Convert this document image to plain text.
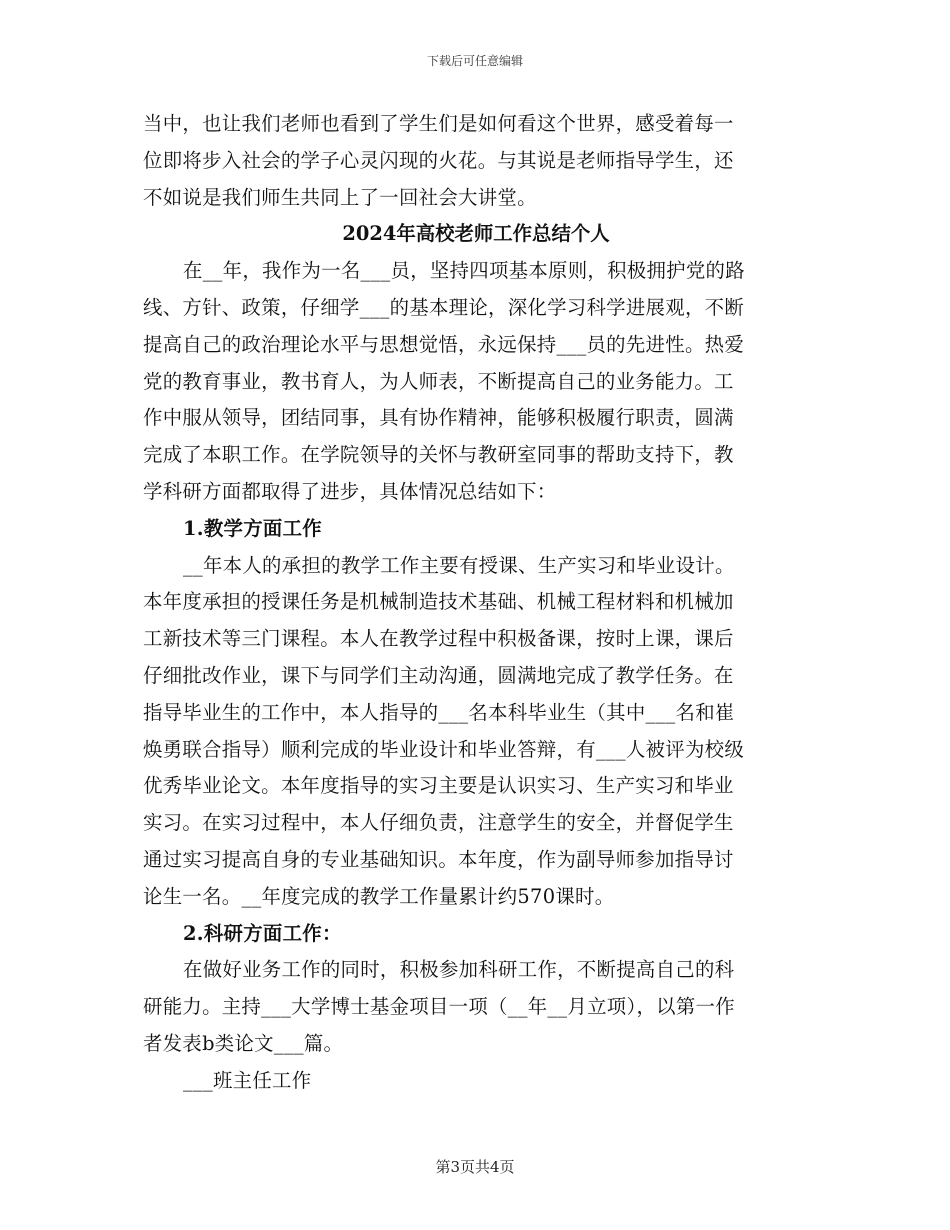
下载后可任意编辑
当中，也让我们老师也看到了学生们是如何看这个世界，感受着每一
位即将步入社会的学子心灵闪现的火花。与其说是老师指导学生，还
不如说是我们师生共同上了一回社会大讲堂。
2024年高校老师工作总结个人
在__年，我作为一名___员，坚持四项基本原则，积极拥护党的路
线、方针、政策，仔细学___的基本理论，深化学习科学进展观，不断
提高自己的政治理论水平与思想觉悟，永远保持___员的先进性。热爱
党的教育事业，教书育人，为人师表，不断提高自己的业务能力。工
作中服从领导，团结同事，具有协作精神，能够积极履行职责，圆满
完成了本职工作。在学院领导的关怀与教研室同事的帮助支持下，教
学科研方面都取得了进步，具体情况总结如下：
1.教学方面工作
__年本人的承担的教学工作主要有授课、生产实习和毕业设计。
本年度承担的授课任务是机械制造技术基础、机械工程材料和机械加
工新技术等三门课程。本人在教学过程中积极备课，按时上课，课后
仔细批改作业，课下与同学们主动沟通，圆满地完成了教学任务。在
指导毕业生的工作中，本人指导的___名本科毕业生（其中___名和崔
焕勇联合指导）顺利完成的毕业设计和毕业答辩，有___人被评为校级
优秀毕业论文。本年度指导的实习主要是认识实习、生产实习和毕业
实习。在实习过程中，本人仔细负责，注意学生的安全，并督促学生
通过实习提高自身的专业基础知识。本年度，作为副导师参加指导讨
论生一名。__年度完成的教学工作量累计约570课时。
2.科研方面工作：
在做好业务工作的同时，积极参加科研工作，不断提高自己的科
研能力。主持___大学博士基金项目一项（__年__月立项），以第一作
者发表b类论文___篇。
___班主任工作
第3页共4页
